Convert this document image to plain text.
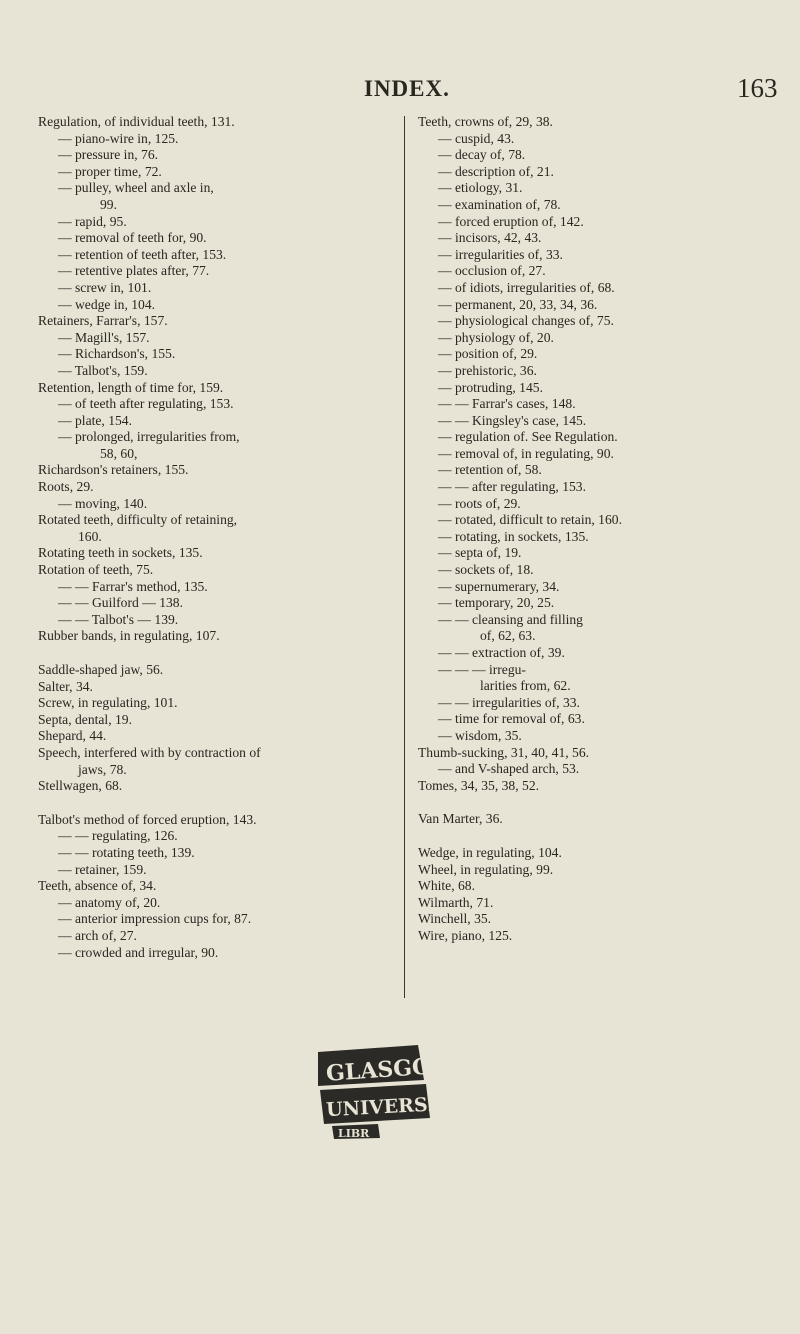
INDEX.	163
Regulation, of individual teeth, 131.
— piano-wire in, 125.
— pressure in, 76.
— proper time, 72.
— pulley, wheel and axle in,
99.
— rapid, 95.
— removal of teeth for, 90.
— retention of teeth after, 153.
— retentive plates after, 77.
— screw in, 101.
— wedge in, 104.
Retainers, Farrar's, 157.
— Magill's, 157.
— Richardson's, 155.
— Talbot's, 159.
Retention, length of time for, 159.
— of teeth after regulating, 153.
— plate, 154.
— prolonged, irregularities from,
58, 60,
Richardson's retainers, 155.
Roots, 29.
— moving, 140.
Rotated teeth, difficulty of retaining,
160.
Rotating teeth in sockets, 135.
Rotation of teeth, 75.
— — Farrar's method, 135.
— — Guilford — 138.
— — Talbot's — 139.
Rubber bands, in regulating, 107.
Saddle-shaped jaw, 56.
Salter, 34.
Screw, in regulating, 101.
Septa, dental, 19.
Shepard, 44.
Speech, interfered with by contraction of
jaws, 78.
Stellwagen, 68.
Talbot's method of forced eruption, 143.
— — regulating, 126.
— — rotating teeth, 139.
— retainer, 159.
Teeth, absence of, 34.
— anatomy of, 20.
— anterior impression cups for, 87.
— arch of, 27.
— crowded and irregular, 90.
Teeth, crowns of, 29, 38.
— cuspid, 43.
— decay of, 78.
— description of, 21.
— etiology, 31.
— examination of, 78.
— forced eruption of, 142.
— incisors, 42, 43.
— irregularities of, 33.
— occlusion of, 27.
— of idiots, irregularities of, 68.
— permanent, 20, 33, 34, 36.
— physiological changes of, 75.
— physiology of, 20.
— position of, 29.
— prehistoric, 36.
— protruding, 145.
— — Farrar's cases, 148.
— — Kingsley's case, 145.
— regulation of. See Regulation.
— removal of, in regulating, 90.
— retention of, 58.
— — after regulating, 153.
— roots of, 29.
— rotated, difficult to retain, 160.
— rotating, in sockets, 135.
— septa of, 19.
— sockets of, 18.
— supernumerary, 34.
— temporary, 20, 25.
— — cleansing and filling
of, 62, 63.
— — extraction of, 39.
— — — irregu-
larities from, 62.
— — irregularities of, 33.
— time for removal of, 63.
— wisdom, 35.
Thumb-sucking, 31, 40, 41, 56.
— and V-shaped arch, 53.
Tomes, 34, 35, 38, 52.
Van Marter, 36.
Wedge, in regulating, 104.
Wheel, in regulating, 99.
White, 68.
Wilmarth, 71.
Winchell, 35.
Wire, piano, 125.
GLASGOW
UNIVERSITY
LIBR
